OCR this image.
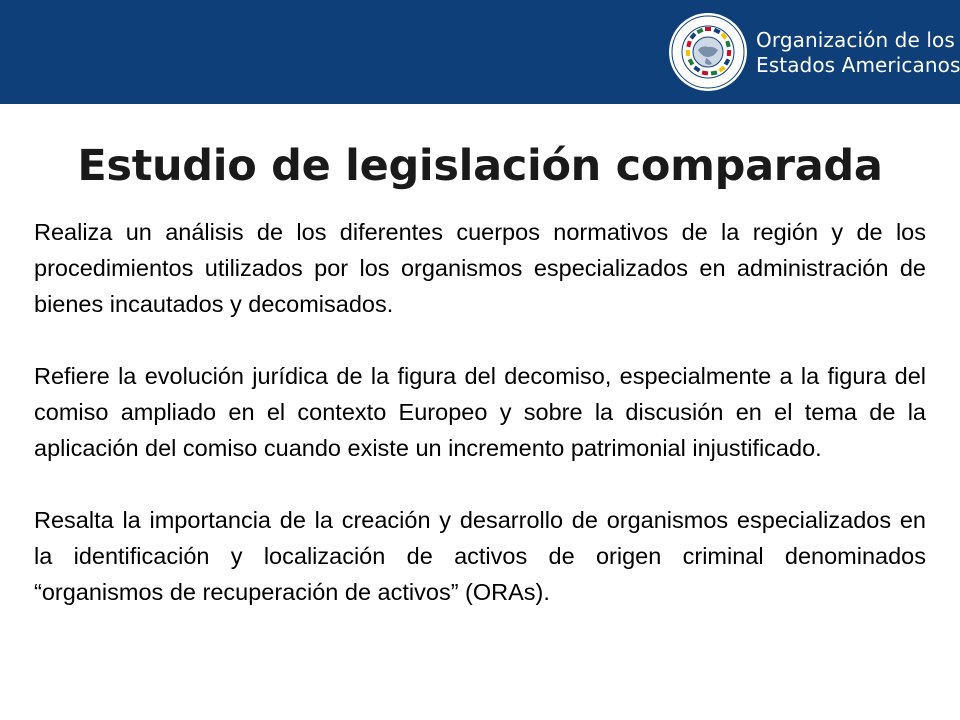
Organización de los
Estados Americanos
Estudio de legislación comparada

Realiza un análisis de los diferentes cuerpos normativos de la región y de los procedimientos utilizados por los organismos especializados en administración de bienes incautados y decomisados.

Refiere la evolución jurídica de la figura del decomiso, especialmente a la figura del comiso ampliado en el contexto Europeo y sobre la discusión en el tema de la aplicación del comiso cuando existe un incremento patrimonial injustificado.

Resalta la importancia de la creación y desarrollo de organismos especializados en la identificación y localización de activos de origen criminal denominados “organismos de recuperación de activos” (ORAs).
